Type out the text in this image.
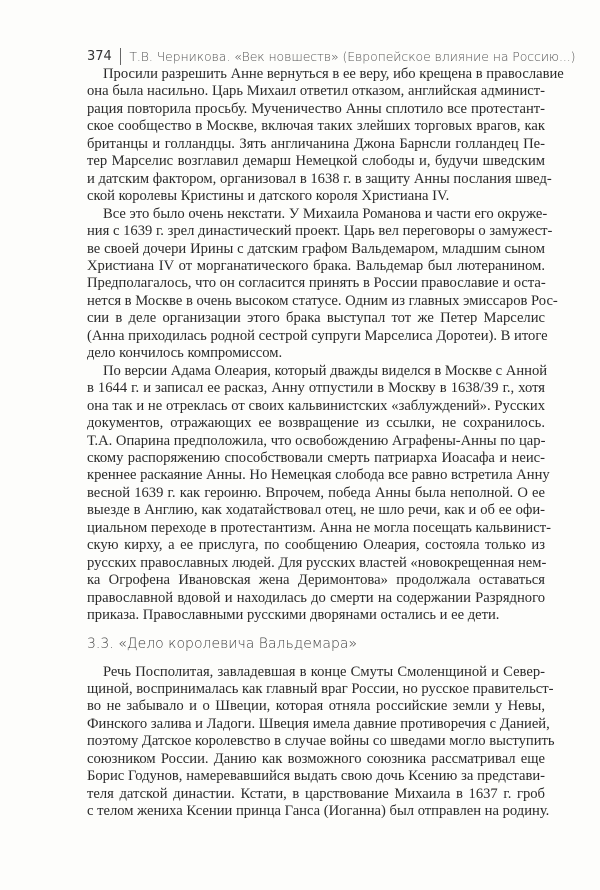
374 Т.В. Черникова. «Век новшеств» (Европейское влияние на Россию...)
Просили разрешить Анне вернуться в ее веру, ибо крещена в православие
она была насильно. Царь Михаил ответил отказом, английская админист-
рация повторила просьбу. Мученичество Анны сплотило все протестант-
ское сообщество в Москве, включая таких злейших торговых врагов, как
британцы и голландцы. Зять англичанина Джона Барнсли голландец Пе-
тер Марселис возглавил демарш Немецкой слободы и, будучи шведским
и датским фактором, организовал в 1638 г. в защиту Анны послания швед-
ской королевы Кристины и датского короля Христиана IV.
Все это было очень некстати. У Михаила Романова и части его окруже-
ния с 1639 г. зрел династический проект. Царь вел переговоры о замужест-
ве своей дочери Ирины с датским графом Вальдемаром, младшим сыном
Христиана IV от морганатического брака. Вальдемар был лютеранином.
Предполагалось, что он согласится принять в России православие и оста-
нется в Москве в очень высоком статусе. Одним из главных эмиссаров Рос-
сии в деле организации этого брака выступал тот же Петер Марселис
(Анна приходилась родной сестрой супруги Марселиса Доротеи). В итоге
дело кончилось компромиссом.
По версии Адама Олеария, который дважды виделся в Москве с Анной
в 1644 г. и записал ее расказ, Анну отпустили в Москву в 1638/39 г., хотя
она так и не отреклась от своих кальвинистских «заблуждений». Русских
документов, отражающих ее возвращение из ссылки, не сохранилось.
Т.А. Опарина предположила, что освобождению Аграфены-Анны по цар-
скому распоряжению способствовали смерть патриарха Иоасафа и неис-
креннее раскаяние Анны. Но Немецкая слобода все равно встретила Анну
весной 1639 г. как героиню. Впрочем, победа Анны была неполной. О ее
выезде в Англию, как ходатайствовал отец, не шло речи, как и об ее офи-
циальном переходе в протестантизм. Анна не могла посещать кальвинист-
скую кирху, а ее прислуга, по сообщению Олеария, состояла только из
русских православных людей. Для русских властей «новокрещенная нем-
ка Огрофена Ивановская жена Деримонтова» продолжала оставаться
православной вдовой и находилась до смерти на содержании Разрядного
приказа. Православными русскими дворянами остались и ее дети.
3.3. «Дело королевича Вальдемара»
Речь Посполитая, завладевшая в конце Смуты Смоленщиной и Север-
щиной, воспринималась как главный враг России, но русское правительст-
во не забывало и о Швеции, которая отняла российские земли у Невы,
Финского залива и Ладоги. Швеция имела давние противоречия с Данией,
поэтому Датское королевство в случае войны со шведами могло выступить
союзником России. Данию как возможного союзника рассматривал еще
Борис Годунов, намеревавшийся выдать свою дочь Ксению за представи-
теля датской династии. Кстати, в царствование Михаила в 1637 г. гроб
с телом жениха Ксении принца Ганса (Иоганна) был отправлен на родину.
